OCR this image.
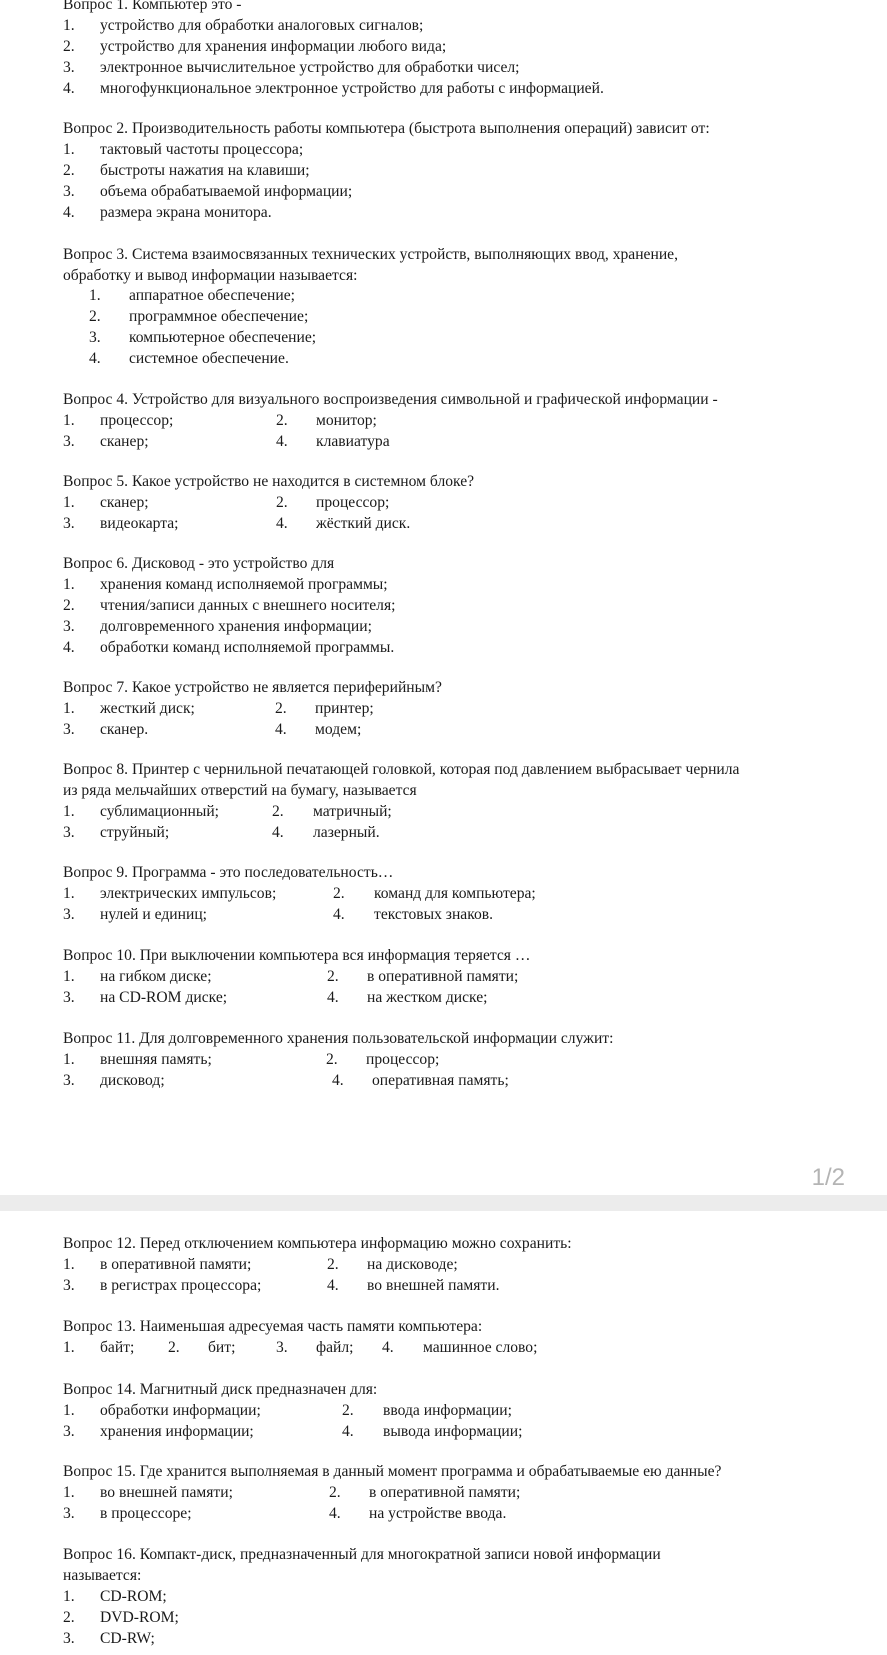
Вопрос 1. Компьютер это -
1. устройство для обработки аналоговых сигналов;
2. устройство для хранения информации любого вида;
3. электронное вычислительное устройство для обработки чисел;
4. многофункциональное электронное устройство для работы с информацией.
Вопрос 2. Производительность работы компьютера (быстрота выполнения операций) зависит от:
1. тактовый частоты процессора;
2. быстроты нажатия на клавиши;
3. объема обрабатываемой информации;
4. размера экрана монитора.
Вопрос 3. Система взаимосвязанных технических устройств, выполняющих ввод, хранение,
обработку и вывод информации называется:
1. аппаратное обеспечение;
2. программное обеспечение;
3. компьютерное обеспечение;
4. системное обеспечение.
Вопрос 4. Устройство для визуального воспроизведения символьной и графической информации -
1. процессор;	2. монитор;
3. сканер;	4. клавиатура
Вопрос 5. Какое устройство не находится в системном блоке?
1. сканер;	2. процессор;
3. видеокарта;	4. жёсткий диск.
Вопрос 6. Дисковод - это устройство для
1. хранения команд исполняемой программы;
2. чтения/записи данных с внешнего носителя;
3. долговременного хранения информации;
4. обработки команд исполняемой программы.
Вопрос 7. Какое устройство не является периферийным?
1. жесткий диск;	2. принтер;
3. сканер.	4. модем;
Вопрос 8. Принтер с чернильной печатающей головкой, которая под давлением выбрасывает чернила
из ряда мельчайших отверстий на бумагу, называется
1. сублимационный;	2. матричный;
3. струйный;	4. лазерный.
Вопрос 9. Программа - это последовательность…
1. электрических импульсов;	2. команд для компьютера;
3. нулей и единиц;	4. текстовых знаков.
Вопрос 10. При выключении компьютера вся информация теряется …
1. на гибком диске;	2. в оперативной памяти;
3. на CD-ROM диске;	4. на жестком диске;
Вопрос 11. Для долговременного хранения пользовательской информации служит:
1. внешняя память;	2. процессор;
3. дисковод;	4. оперативная память;
1/2
Вопрос 12. Перед отключением компьютера информацию можно сохранить:
1. в оперативной памяти;	2. на дисководе;
3. в регистрах процессора;	4. во внешней памяти.
Вопрос 13. Наименьшая адресуемая часть памяти компьютера:
1. байт; 2. бит;	3. файл; 4. машинное слово;
Вопрос 14. Магнитный диск предназначен для:
1. обработки информации;	2. ввода информации;
3. хранения информации;	4. вывода информации;
Вопрос 15. Где хранится выполняемая в данный момент программа и обрабатываемые ею данные?
1. во внешней памяти;	2. в оперативной памяти;
3. в процессоре;	4. на устройстве ввода.
Вопрос 16. Компакт-диск, предназначенный для многократной записи новой информации
называется:
1. CD-ROM;
2. DVD-ROM;
3. CD-RW;
